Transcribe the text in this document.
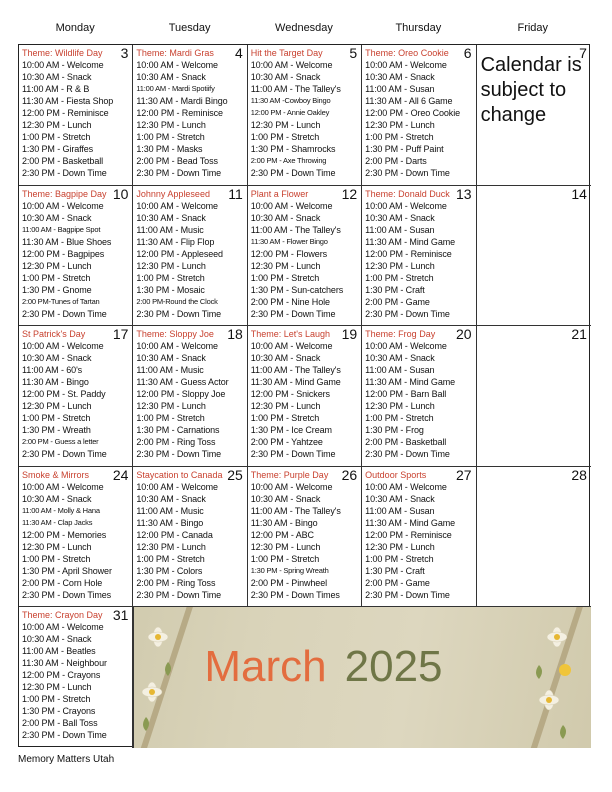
Monday	Tuesday	Wednesday	Thursday	Friday
Theme: Wildlife Day	3
10:00 AM - Welcome
10:30 AM - Snack
11:00 AM - R & B
11:30 AM - Fiesta Shop
12:00 PM - Reminisce
12:30 PM - Lunch
1:00 PM - Stretch
1:30 PM - Giraffes
2:00 PM - Basketball
2:30 PM - Down Time
Theme: Mardi Gras	4
10:00 AM - Welcome
10:30 AM - Snack
11:00 AM - Mardi Spotiify
11:30 AM - Mardi Bingo
12:00 PM - Reminisce
12:30 PM - Lunch
1:00 PM - Stretch
1:30 PM - Masks
2:00 PM - Bead Toss
2:30 PM - Down Time
Hit the Target Day	5
10:00 AM - Welcome
10:30 AM - Snack
11:00 AM - The Talley's
11:30 AM -Cowboy Bingo
12:00 PM - Annie Oakley
12:30 PM - Lunch
1:00 PM - Stretch
1:30 PM - Shamrocks
2:00 PM - Axe Throwing
2:30 PM - Down Time
Theme: Oreo Cookie	6
10:00 AM - Welcome
10:30 AM - Snack
11:00 AM - Susan
11:30 AM - All 6 Game
12:00 PM - Oreo Cookie
12:30 PM - Lunch
1:00 PM - Stretch
1:30 PM - Puff Paint
2:00 PM - Darts
2:30 PM - Down Time
7
Calendar is subject to change
Theme: Bagpipe Day 10
10:00 AM - Welcome
10:30 AM - Snack
11:00 AM - Bagpipe Spot
11:30 AM - Blue Shoes
12:00 PM - Bagpipes
12:30 PM - Lunch
1:00 PM - Stretch
1:30 PM - Gnome
2:00 PM-Tunes of Tartan
2:30 PM - Down Time
Johnny Appleseed	11
10:00 AM - Welcome
10:30 AM - Snack
11:00 AM - Music
11:30 AM - Flip Flop
12:00 PM - Appleseed
12:30 PM - Lunch
1:00 PM - Stretch
1:30 PM - Mosaic
2:00 PM-Round the Clock
2:30 PM - Down Time
Plant a Flower	12
10:00 AM - Welcome
10:30 AM - Snack
11:00 AM - The Talley's
11:30 AM - Flower Bingo
12:00 PM - Flowers
12:30 PM - Lunch
1:00 PM - Stretch
1:30 PM - Sun-catchers
2:00 PM - Nine Hole
2:30 PM - Down Time
Theme: Donald Duck 13
10:00 AM - Welcome
10:30 AM - Snack
11:00 AM - Susan
11:30 AM - Mind Game
12:00 PM - Reminisce
12:30 PM - Lunch
1:00 PM - Stretch
1:30 PM - Craft
2:00 PM - Game
2:30 PM - Down Time
14
St Patrick's Day	17
10:00 AM - Welcome
10:30 AM - Snack
11:00 AM - 60's
11:30 AM - Bingo
12:00 PM - St. Paddy
12:30 PM - Lunch
1:00 PM - Stretch
1:30 PM - Wreath
2:00 PM - Guess a letter
2:30 PM - Down Time
Theme: Sloppy Joe 18
10:00 AM - Welcome
10:30 AM - Snack
11:00 AM - Music
11:30 AM - Guess Actor
12:00 PM - Sloppy Joe
12:30 PM - Lunch
1:00 PM - Stretch
1:30 PM - Carnations
2:00 PM - Ring Toss
2:30 PM - Down Time
Theme: Let's Laugh 19
10:00 AM - Welcome
10:30 AM - Snack
11:00 AM - The Talley's
11:30 AM - Mind Game
12:00 PM - Snickers
12:30 PM - Lunch
1:00 PM - Stretch
1:30 PM - Ice Cream
2:00 PM - Yahtzee
2:30 PM - Down Time
Theme: Frog Day	20
10:00 AM - Welcome
10:30 AM - Snack
11:00 AM - Susan
11:30 AM - Mind Game
12:00 PM - Barn Ball
12:30 PM - Lunch
1:00 PM - Stretch
1:30 PM - Frog
2:00 PM - Basketball
2:30 PM - Down Time
21
Smoke & Mirrors	24
10:00 AM - Welcome
10:30 AM - Snack
11:00 AM - Molly & Hana
11:30 AM - Clap Jacks
12:00 PM - Memories
12:30 PM - Lunch
1:00 PM - Stretch
1:30 PM - April Shower
2:00 PM - Corn Hole
2:30 PM - Down Times
Staycation to Canada 25
10:00 AM - Welcome
10:30 AM - Snack
11:00 AM - Music
11:30 AM - Bingo
12:00 PM - Canada
12:30 PM - Lunch
1:00 PM - Stretch
1:30 PM - Colors
2:00 PM - Ring Toss
2:30 PM - Down Time
Theme: Purple Day 26
10:00 AM - Welcome
10:30 AM - Snack
11:00 AM - The Talley's
11:30 AM - Bingo
12:00 PM - ABC
12:30 PM - Lunch
1:00 PM - Stretch
1:30 PM - Spring Wreath
2:00 PM - Pinwheel
2:30 PM - Down Times
Outdoor Sports	27
10:00 AM - Welcome
10:30 AM - Snack
11:00 AM - Susan
11:30 AM - Mind Game
12:00 PM - Reminisce
12:30 PM - Lunch
1:00 PM - Stretch
1:30 PM - Craft
2:00 PM - Game
2:30 PM - Down Time
28
Theme: Crayon Day 31
10:00 AM - Welcome
10:30 AM - Snack
11:00 AM - Beatles
11:30 AM - Neighbour
12:00 PM - Crayons
12:30 PM - Lunch
1:00 PM - Stretch
1:30 PM - Crayons
2:00 PM - Ball Toss
2:30 PM - Down Time
March 2025
Memory Matters Utah
